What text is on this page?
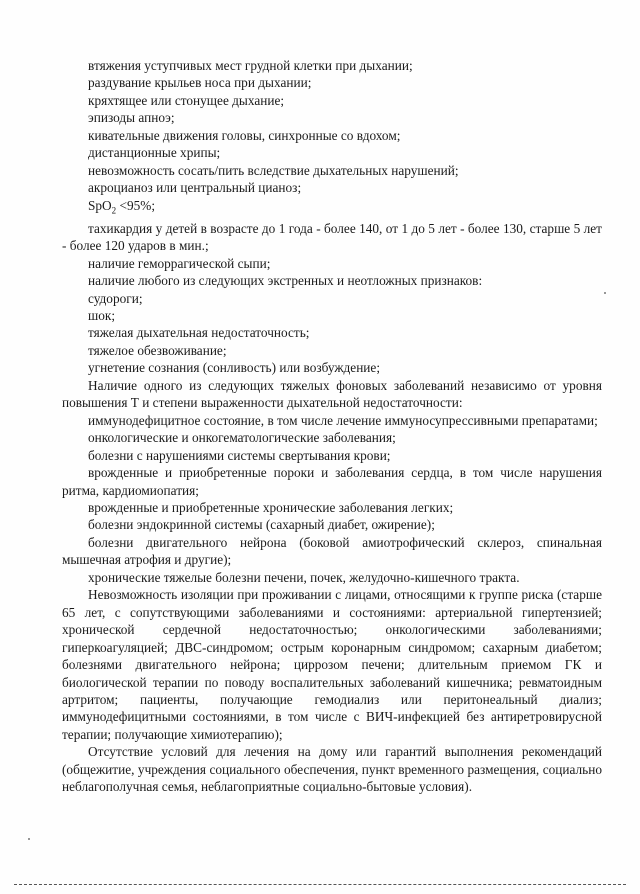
втяжения уступчивых мест грудной клетки при дыхании;

раздувание крыльев носа при дыхании;

кряхтящее или стонущее дыхание;

эпизоды апноэ;

кивательные движения головы, синхронные со вдохом;

дистанционные хрипы;

невозможность сосать/пить вследствие дыхательных нарушений;

акроцианоз или центральный цианоз;

SpO$_2$ <95%;

тахикардия у детей в возрасте до 1 года - более 140, от 1 до 5 лет - более 130, старше 5 лет - более 120 ударов в мин.;

наличие геморрагической сыпи;

наличие любого из следующих экстренных и неотложных признаков:

судороги;

шок;

тяжелая дыхательная недостаточность;

тяжелое обезвоживание;

угнетение сознания (сонливость) или возбуждение;

Наличие одного из следующих тяжелых фоновых заболеваний независимо от уровня повышения Т и степени выраженности дыхательной недостаточности:

иммунодефицитное состояние, в том числе лечение иммуносупрессивными препаратами;

онкологические и онкогематологические заболевания;

болезни с нарушениями системы свертывания крови;

врожденные и приобретенные пороки и заболевания сердца, в том числе нарушения ритма, кардиомиопатия;

врожденные и приобретенные хронические заболевания легких;

болезни эндокринной системы (сахарный диабет, ожирение);

болезни двигательного нейрона (боковой амиотрофический склероз, спинальная мышечная атрофия и другие);

хронические тяжелые болезни печени, почек, желудочно-кишечного тракта.

Невозможность изоляции при проживании с лицами, относящими к группе риска (старше 65 лет, с сопутствующими заболеваниями и состояниями: артериальной гипертензией; хронической сердечной недостаточностью; онкологическими заболеваниями; гиперкоагуляцией; ДВС-синдромом; острым коронарным синдромом; сахарным диабетом; болезнями двигательного нейрона; циррозом печени; длительным приемом ГК и биологической терапии по поводу воспалительных заболеваний кишечника; ревматоидным артритом; пациенты, получающие гемодиализ или перитонеальный диализ; иммунодефицитными состояниями, в том числе с ВИЧ-инфекцией без антиретровирусной терапии; получающие химиотерапию);

Отсутствие условий для лечения на дому или гарантий выполнения рекомендаций (общежитие, учреждения социального обеспечения, пункт временного размещения, социально неблагополучная семья, неблагоприятные социально-бытовые условия).
